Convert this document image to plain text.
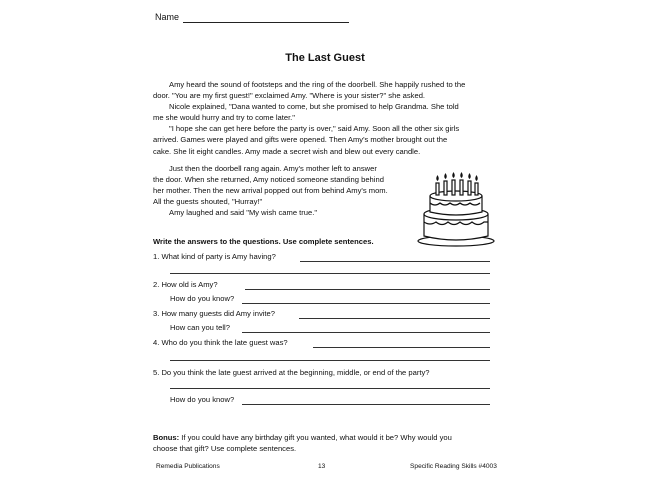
Name
The Last Guest

Amy heard the sound of footsteps and the ring of the doorbell. She happily rushed to the

door. "You are my first guest!" exclaimed Amy. "Where is your sister?" she asked.

Nicole explained, "Dana wanted to come, but she promised to help Grandma. She told

me she would hurry and try to come later."

"I hope she can get here before the party is over," said Amy. Soon all the other six girls

arrived. Games were played and gifts were opened. Then Amy's mother brought out the

cake. She lit eight candles. Amy made a secret wish and blew out every candle.

Just then the doorbell rang again. Amy's mother left to answer

the door. When she returned, Amy noticed someone standing behind

her mother. Then the new arrival popped out from behind Amy's mom.

All the guests shouted, "Hurray!"

Amy laughed and said "My wish came true."

Write the answers to the questions. Use complete sentences.
1. What kind of party is Amy having?
2. How old is Amy?
How do you know?
3. How many guests did Amy invite?
How can you tell?
4. Who do you think the late guest was?
5. Do you think the late guest arrived at the beginning, middle, or end of the party?
How do you know?

Bonus: If you could have any birthday gift you wanted, what would it be? Why would you

choose that gift? Use complete sentences.

Remedia Publications	13	Specific Reading Skills #4003
